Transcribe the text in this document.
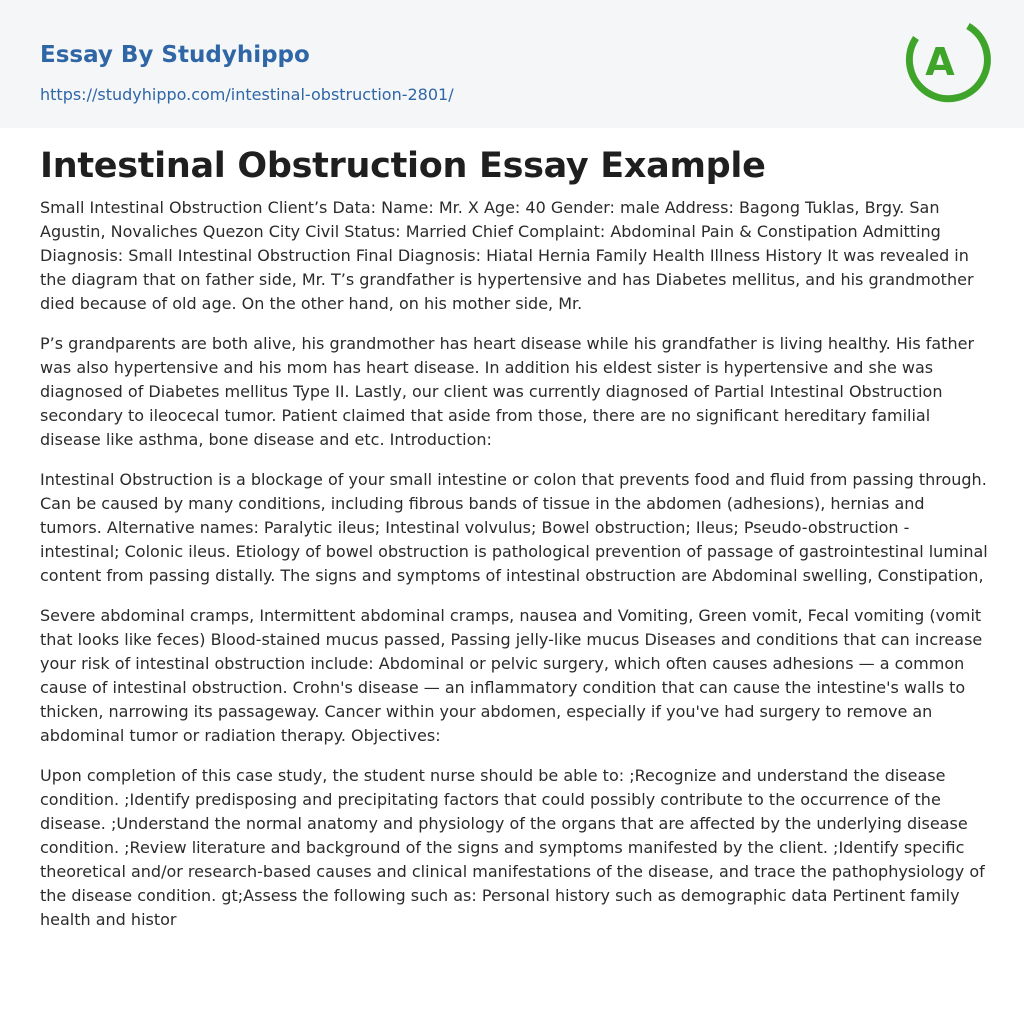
Essay By Studyhippo
https://studyhippo.com/intestinal-obstruction-2801/
A
Intestinal Obstruction Essay Example

Small Intestinal Obstruction Client’s Data: Name: Mr. X Age: 40 Gender: male Address: Bagong Tuklas, Brgy. San Agustin, Novaliches Quezon City Civil Status: Married Chief Complaint: Abdominal Pain & Constipation Admitting Diagnosis: Small Intestinal Obstruction Final Diagnosis: Hiatal Hernia Family Health Illness History It was revealed in the diagram that on father side, Mr. T’s grandfather is hypertensive and has Diabetes mellitus, and his grandmother died because of old age. On the other hand, on his mother side, Mr.

P’s grandparents are both alive, his grandmother has heart disease while his grandfather is living healthy. His father was also hypertensive and his mom has heart disease. In addition his eldest sister is hypertensive and she was diagnosed of Diabetes mellitus Type II. Lastly, our client was currently diagnosed of Partial Intestinal Obstruction secondary to ileocecal tumor. Patient claimed that aside from those, there are no significant hereditary familial disease like asthma, bone disease and etc. Introduction:

Intestinal Obstruction is a blockage of your small intestine or colon that prevents food and fluid from passing through. Can be caused by many conditions, including fibrous bands of tissue in the abdomen (adhesions), hernias and tumors. Alternative names: Paralytic ileus; Intestinal volvulus; Bowel obstruction; Ileus; Pseudo-obstruction - intestinal; Colonic ileus. Etiology of bowel obstruction is pathological prevention of passage of gastrointestinal luminal content from passing distally. The signs and symptoms of intestinal obstruction are Abdominal swelling, Constipation,

Severe abdominal cramps, Intermittent abdominal cramps, nausea and Vomiting, Green vomit, Fecal vomiting (vomit that looks like feces) Blood-stained mucus passed, Passing jelly-like mucus Diseases and conditions that can increase your risk of intestinal obstruction include: Abdominal or pelvic surgery, which often causes adhesions — a common cause of intestinal obstruction. Crohn's disease — an inflammatory condition that can cause the intestine's walls to thicken, narrowing its passageway. Cancer within your abdomen, especially if you've had surgery to remove an abdominal tumor or radiation therapy. Objectives:

Upon completion of this case study, the student nurse should be able to: ;Recognize and understand the disease condition. ;Identify predisposing and precipitating factors that could possibly contribute to the occurrence of the disease. ;Understand the normal anatomy and physiology of the organs that are affected by the underlying disease condition. ;Review literature and background of the signs and symptoms manifested by the client. ;Identify specific theoretical and/or research-based causes and clinical manifestations of the disease, and trace the pathophysiology of the disease condition. gt;Assess the following such as: Personal history such as demographic data Pertinent family health and histor
